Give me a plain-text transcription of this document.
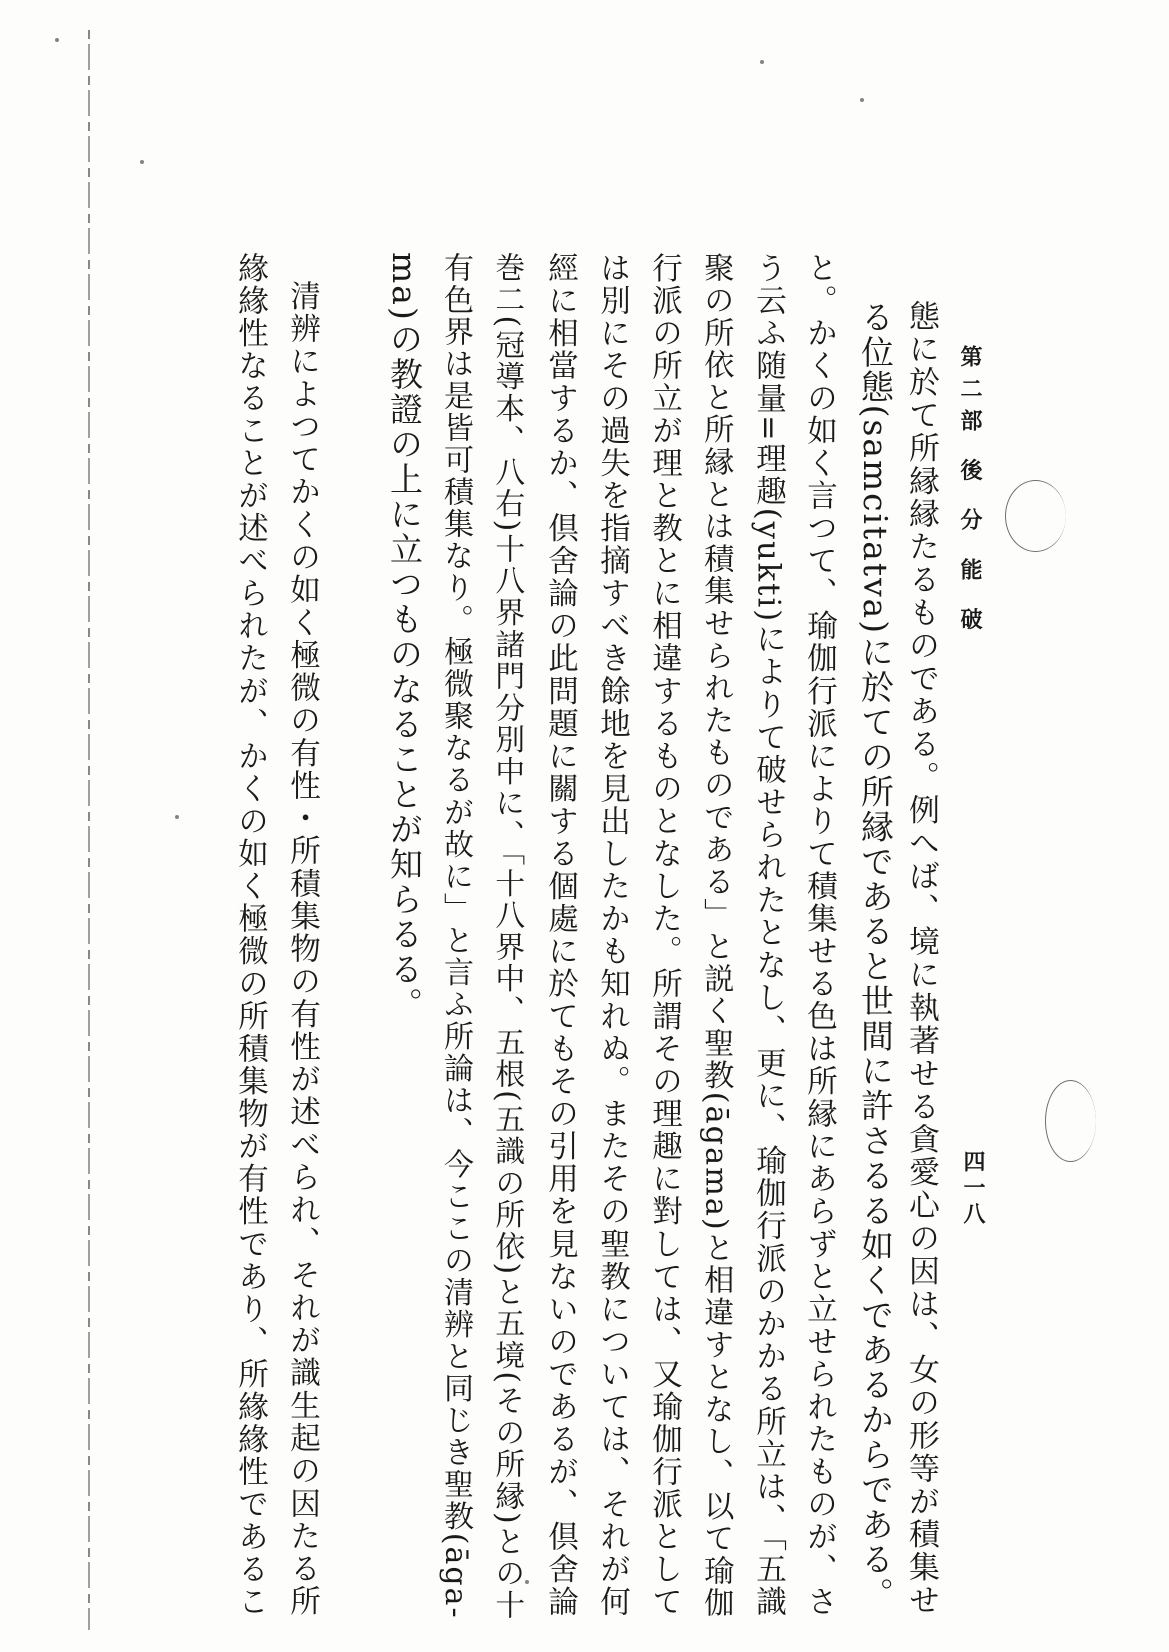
第二部 後 分 能 破
四一八
態に於て所縁縁たるものである。例へば、境に執著せる貪愛心の因は、女の形等が積集せ
る位態(samcitatva)に於ての所縁であると世間に許さるる如くであるからである。
と。かくの如く言つて、瑜伽行派によりて積集せる色は所縁にあらずと立せられたものが、さ
う云ふ随量=理趣(yukti)によりて破せられたとなし、更に、瑜伽行派のかかる所立は、「五識
聚の所依と所縁とは積集せられたものである」と説く聖教(āgama)と相違すとなし、以て瑜伽
行派の所立が理と教とに相違するものとなした。所謂その理趣に對しては、又瑜伽行派として
は別にその過失を指摘すべき餘地を見出したかも知れぬ。またその聖教については、それが何
經に相當するか、倶舍論の此問題に關する個處に於てもその引用を見ないのであるが、倶舍論
巻二(冠導本、八右)十八界諸門分別中に、「十八界中、五根(五識の所依)と五境(その所縁)との十
有色界は是皆可積集なり。極微聚なるが故に」と言ふ所論は、今ここの清辨と同じき聖教(āga-
ma)の教證の上に立つものなることが知らるる。
清辨によつてかくの如く極微の有性・所積集物の有性が述べられ、それが識生起の因たる所
緣緣性なることが述べられたが、かくの如く極微の所積集物が有性であり、所緣緣性であるこ
